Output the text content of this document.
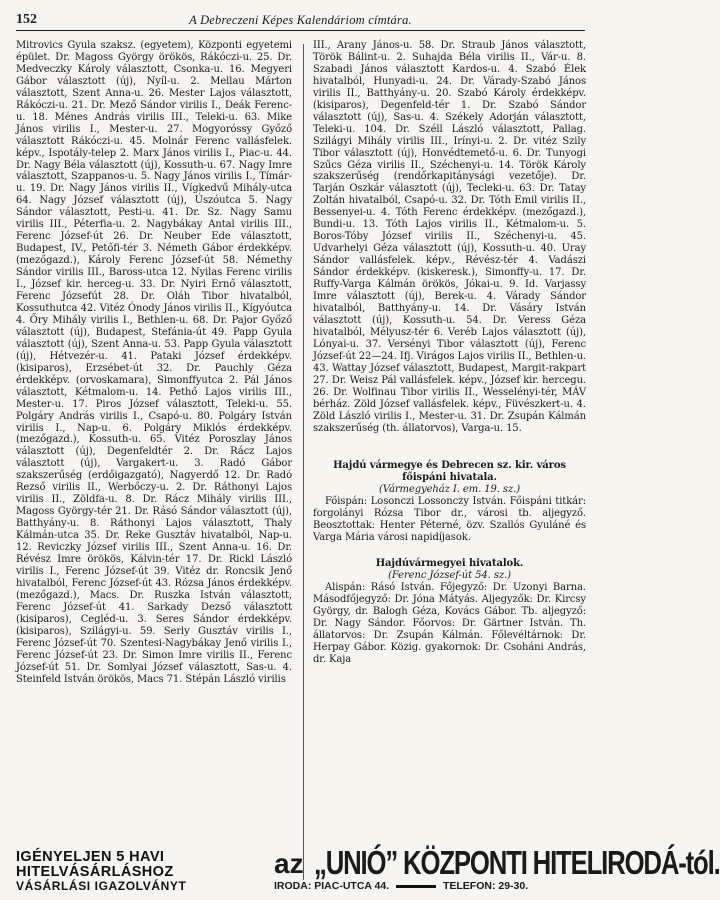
152	A Debreczeni Képes Kalendáriom címtára.

Mitrovics Gyula szaksz. (egyetem), Központi egyetemi épület. Dr. Magoss György örökös, Rákóczi-u. 25. Dr. Medveczky Károly választott, Csonka-u. 16. Megyeri Gábor választott (új), Nyíl-u. 2. Mellau Márton választott, Szent Anna-u. 26. Mester Lajos választott, Rákóczi-u. 21. Dr. Mező Sándor virilis I., Deák Ferenc-u. 18. Ménes András virilis III., Teleki-u. 63. Mike János virilis I., Mester-u. 27. Mogyoróssy Győző választott Rákóczi-u. 45. Molnár Ferenc vallásfelek. képv., Ispotály-telep 2. Marx János virilis I., Piac-u. 44. Dr. Nagy Béla választott (új), Kossuth-u. 67. Nagy Imre választott, Szappanos-u. 5. Nagy János virilis I., Tímár-u. 19. Dr. Nagy János virilis II., Vígkedvű Mihály-utca 64. Nagy József választott (új), Úszóutca 5. Nagy Sándor választott, Pesti-u. 41. Dr. Sz. Nagy Samu virilis III., Péterfia-u. 2. Nagybákay Antal virilis III., Ferenc József-út 26. Dr. Neuber Ede választott, Budapest, IV., Petőfi-tér 3. Németh Gábor érdekképv. (mezőgazd.), Károly Ferenc József-út 58. Némethy Sándor virilis III., Baross-utca 12. Nyilas Ferenc virilis I., József kir. herceg-u. 33. Dr. Nyiri Ernő választott, Ferenc Józsefút 28. Dr. Oláh Tibor hivatalból, Kossuthutca 42. Vitéz Ónody János virilis II., Kígyóutca 4. Őry Mihály virilis I., Bethlen-u. 68. Dr. Pajor Győző választott (új), Budapest, Stefánia-út 49. Papp Gyula választott (új), Szent Anna-u. 53. Papp Gyula választott (új), Hétvezér-u. 41. Pataki József érdekképv. (kisiparos), Erzsébet-út 32. Dr. Pauchly Géza érdekképv. (orvoskamara), Simonffyutca 2. Pál János választott, Kétmalom-u. 14. Pethő Lajos virilis III., Mester-u. 17. Piros József választott, Teleki-u. 55. Polgáry András virilis I., Csapó-u. 80. Polgáry István virilis I., Nap-u. 6. Polgáry Miklós érdekképv. (mezőgazd.), Kossuth-u. 65. Vitéz Poroszlay János választott (új), Degenfeldtér 2. Dr. Rácz Lajos választott (új), Vargakert-u. 3. Radó Gábor szakszerűség (erdőigazgató), Nagyerdő 12. Dr. Radó Rezső virilis II., Werbőczy-u. 2. Dr. Ráthonyi Lajos virilis II., Zöldfa-u. 8. Dr. Rácz Mihály virilis III., Magoss György-tér 21. Dr. Rásó Sándor választott (új), Batthyány-u. 8. Ráthonyi Lajos választott, Thaly Kálmán-utca 35. Dr. Reke Gusztáv hivatalból, Nap-u. 12. Reviczky József virilis III., Szent Anna-u. 16. Dr. Révész Imre örökös, Kálvin-tér 17. Dr. Rickl László virilis I., Ferenc József-út 39. Vitéz dr. Roncsik Jenő hivatalból, Ferenc József-út 43. Rózsa János érdekképv. (mezőgazd.), Macs. Dr. Ruszka István választott, Ferenc József-út 41. Sarkady Dezső választott (kisiparos), Cegléd-u. 3. Seres Sándor érdekképv. (kisiparos), Szilágyi-u. 59. Serly Gusztáv virilis I., Ferenc József-út 70. Szentesi-Nagybákay Jenő virilis I., Ferenc József-út 23. Dr. Simon Imre virilis II., Ferenc József-út 51. Dr. Somlyai József választott, Sas-u. 4. Steinfeld István örökös, Macs 71. Stépán László virilis

III., Arany János-u. 58. Dr. Straub János választott, Török Bálint-u. 2. Suhajda Béla virilis II., Vár-u. 8. Szabadi János választott Kardos-u. 4. Szabó Élek hivatalból, Hunyadi-u. 24. Dr. Várady-Szabó János virilis II., Batthyány-u. 20. Szabó Károly érdekképv. (kisiparos), Degenfeld-tér 1. Dr. Szabó Sándor választott (új), Sas-u. 4. Székely Adorján választott, Teleki-u. 104. Dr. Széll László választott, Pallag. Szilágyi Mihály virilis III., Irínyi-u. 2. Dr. vitéz Szily Tibor választott (új), Honvédtemető-u. 6. Dr. Tunyogi Szűcs Géza virilis II., Széchenyi-u. 14. Török Károly szakszerűség (rendőrkapitánysági vezetője). Dr. Tarján Oszkár választott (új), Tecleki-u. 63. Dr. Tatay Zoltán hivatalból, Csapó-u. 32. Dr. Tóth Emil virilis II., Bessenyei-u. 4. Tóth Ferenc érdekképv. (mezőgazd.), Bundi-u. 13. Tóth Lajos virilis II., Kétmalom-u. 5. Boros-Tóby József virilis II., Széchenyi-u. 45. Udvarhelyi Géza választott (új), Kossuth-u. 40. Uray Sándor vallásfelek. képv., Révész-tér 4. Vadászi Sándor érdekképv. (kiskeresk.), Simonffy-u. 17. Dr. Ruffy-Varga Kálmán örökös, Jókai-u. 9. Id. Varjassy Imre választott (új), Berek-u. 4. Várady Sándor hivatalból, Batthyány-u. 14. Dr. Vásáry István választott (új), Kossuth-u. 54. Dr. Veress Géza hivatalból, Mélyusz-tér 6. Veréb Lajos választott (új), Lónyai-u. 37. Versényi Tibor választott (új), Ferenc József-út 22—24. Ifj. Virágos Lajos virilis II., Bethlen-u. 43. Wattay József választott, Budapest, Margit-rakpart 27. Dr. Weisz Pál vallásfelek. képv., József kir. hercegu. 26. Dr. Wolfinau Tibor virilis II., Wesselényi-tér, MÁV bérház. Zöld József vallásfelek. képv., Füvészkert-u. 4. Zöld László virilis I., Mester-u. 31. Dr. Zsupán Kálmán szakszerűség (th. állatorvos), Varga-u. 15.

Hajdú vármegye és Debrecen sz. kir. város

főispáni hivatala.

(Vármegyeház I. em. 19. sz.)

Főispán: Losonczi Lossonczy István. Főispáni titkár: forgolányi Rózsa Tibor dr., városi tb. aljegyző. Beosztottak: Henter Péterné, özv. Szallós Gyuláné és Varga Mária városi napidíjasok.

Hajdúvármegyei hivatalok.

(Ferenc József-út 54. sz.)

Alispán: Rásó István. Főjegyző: Dr. Uzonyi Barna. Másodfőjegyző: Dr. Jóna Mátyás. Aljegyzők: Dr. Kircsy György, dr. Balogh Géza, Kovács Gábor. Tb. aljegyző: Dr. Nagy Sándor. Főorvos: Dr. Gärtner István. Th. állatorvos: Dr. Zsupán Kálmán. Főlevéltárnok: Dr. Herpay Gábor. Közig. gyakornok: Dr. Csoháni András, dr. Kaja

IGÉNYELJEN 5 HAVI
HITELVÁSÁRLÁSHOZ
VÁSÁRLÁSI IGAZOLVÁNYT
az „UNIÓ” KÖZPONTI HITELIRODÁ-tól.
IRODA: PIAC-UTCA 44.	TELEFON: 29-30.
